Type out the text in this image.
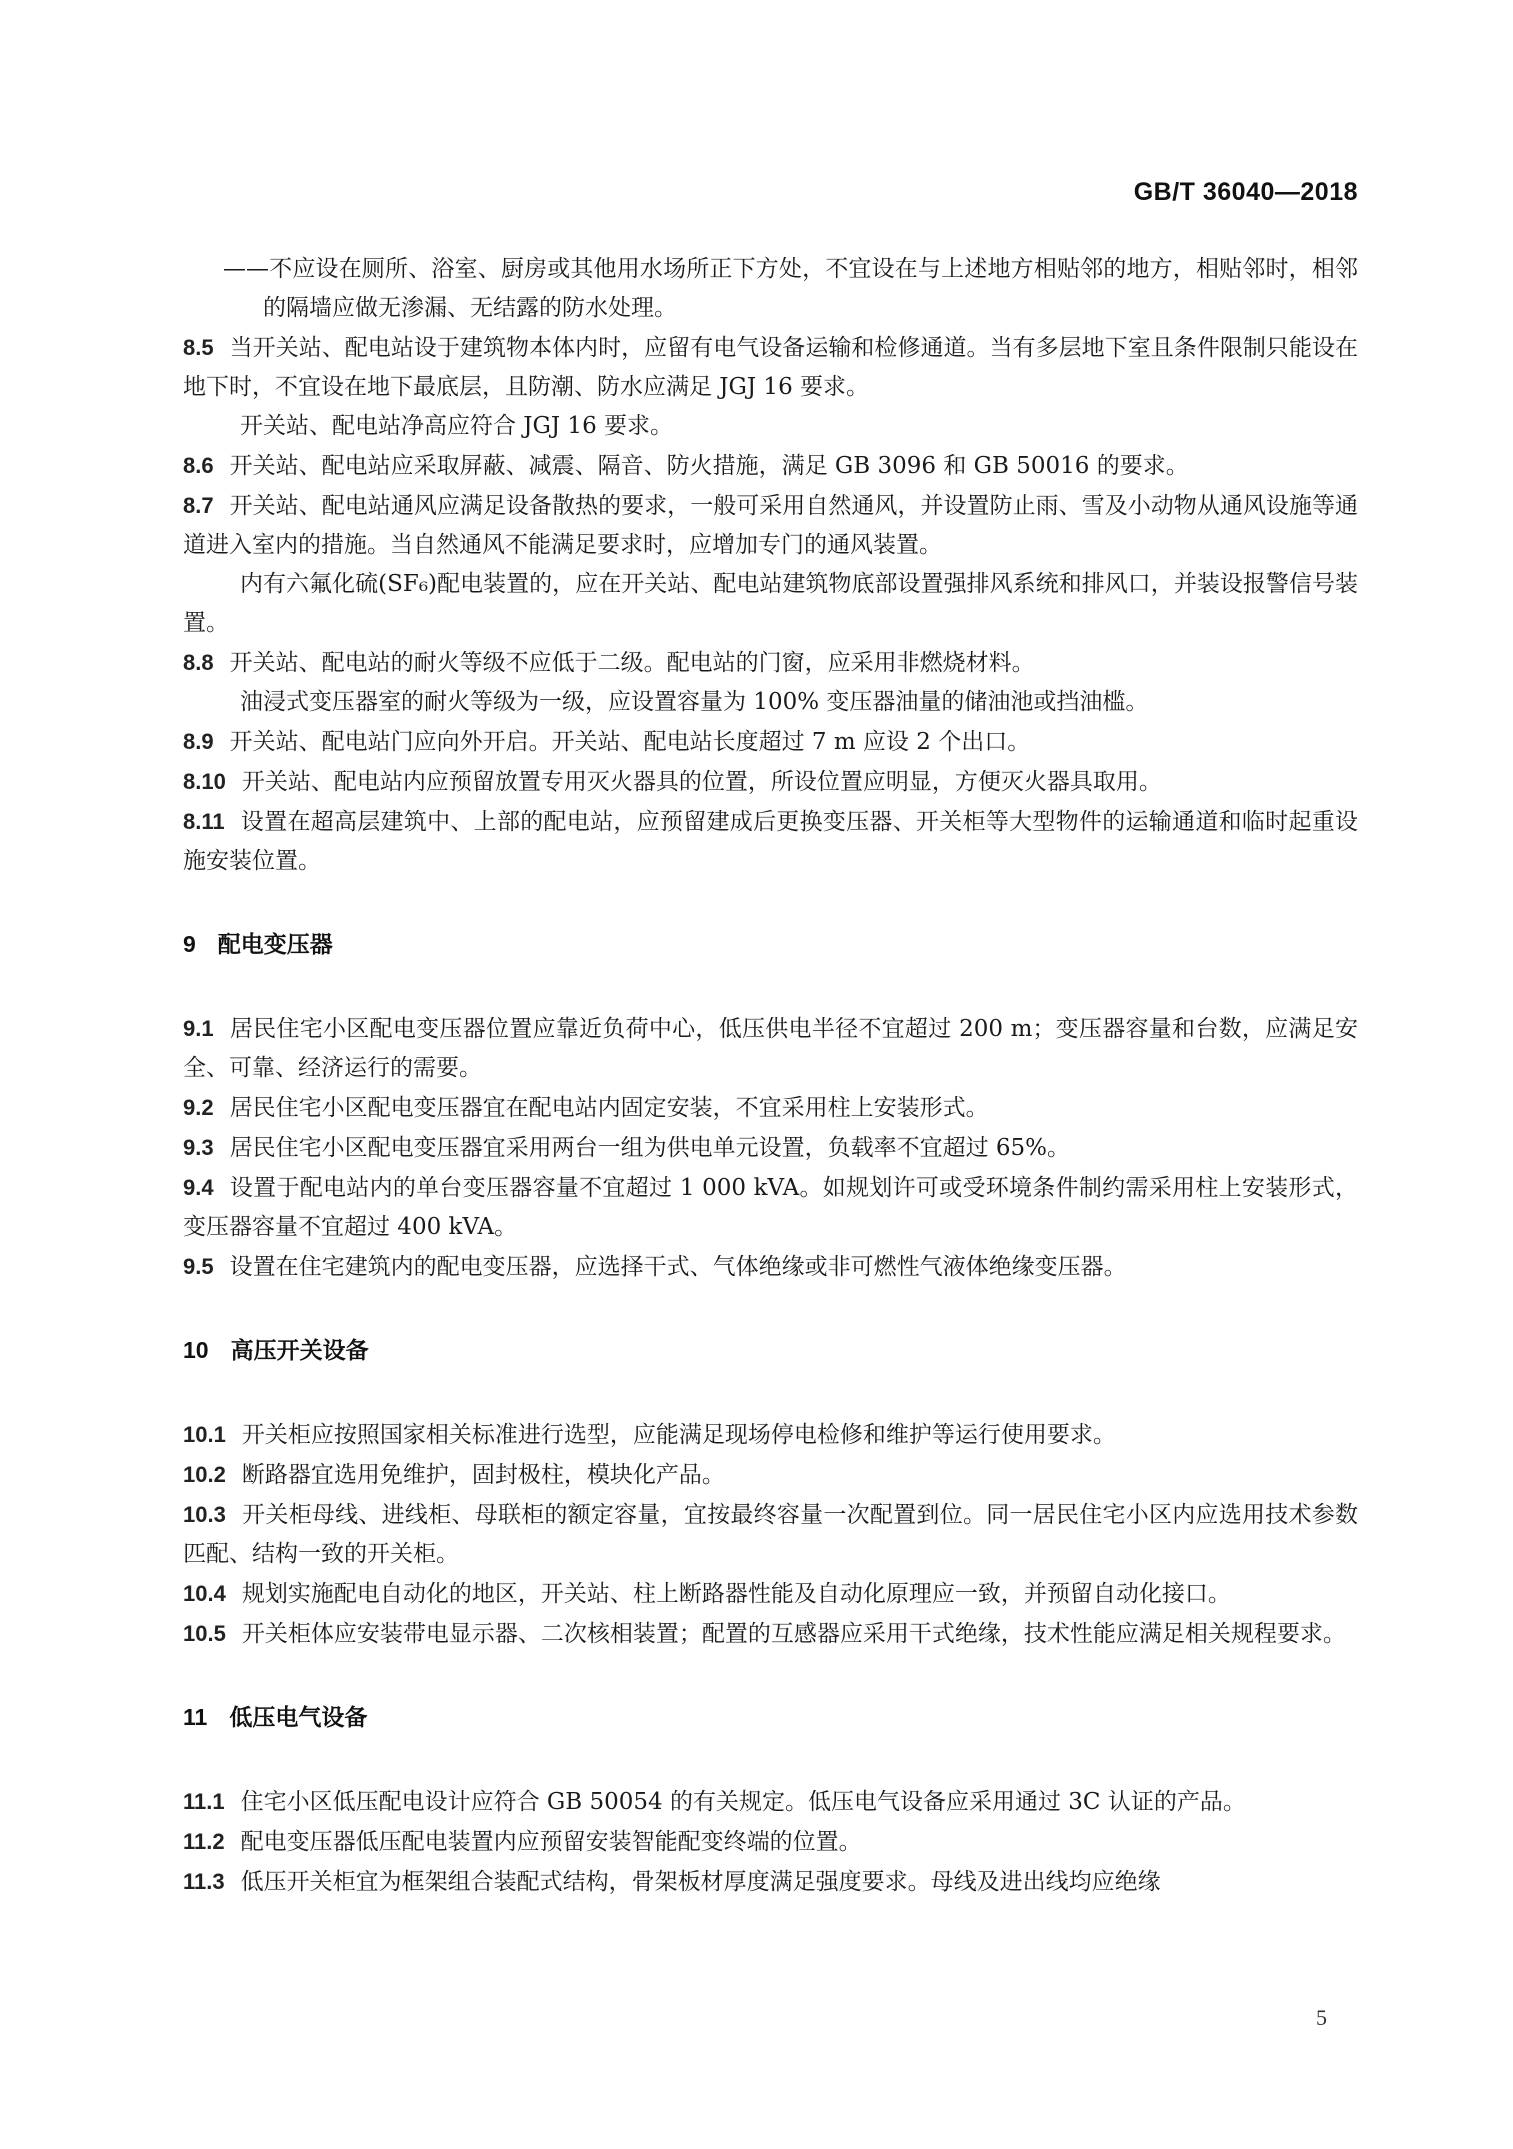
GB/T 36040—2018

——不应设在厕所、浴室、厨房或其他用水场所正下方处，不宜设在与上述地方相贴邻的地方，相贴邻时，相邻的隔墙应做无渗漏、无结露的防水处理。

8.5 当开关站、配电站设于建筑物本体内时，应留有电气设备运输和检修通道。当有多层地下室且条件限制只能设在地下时，不宜设在地下最底层，且防潮、防水应满足 JGJ 16 要求。

开关站、配电站净高应符合 JGJ 16 要求。

8.6 开关站、配电站应采取屏蔽、减震、隔音、防火措施，满足 GB 3096 和 GB 50016 的要求。

8.7 开关站、配电站通风应满足设备散热的要求，一般可采用自然通风，并设置防止雨、雪及小动物从通风设施等通道进入室内的措施。当自然通风不能满足要求时，应增加专门的通风装置。

内有六氟化硫(SF₆)配电装置的，应在开关站、配电站建筑物底部设置强排风系统和排风口，并装设报警信号装置。

8.8 开关站、配电站的耐火等级不应低于二级。配电站的门窗，应采用非燃烧材料。

油浸式变压器室的耐火等级为一级，应设置容量为 100% 变压器油量的储油池或挡油槛。

8.9 开关站、配电站门应向外开启。开关站、配电站长度超过 7 m 应设 2 个出口。

8.10 开关站、配电站内应预留放置专用灭火器具的位置，所设位置应明显，方便灭火器具取用。

8.11 设置在超高层建筑中、上部的配电站，应预留建成后更换变压器、开关柜等大型物件的运输通道和临时起重设施安装位置。

9 配电变压器

9.1 居民住宅小区配电变压器位置应靠近负荷中心，低压供电半径不宜超过 200 m；变压器容量和台数，应满足安全、可靠、经济运行的需要。

9.2 居民住宅小区配电变压器宜在配电站内固定安装，不宜采用柱上安装形式。

9.3 居民住宅小区配电变压器宜采用两台一组为供电单元设置，负载率不宜超过 65%。

9.4 设置于配电站内的单台变压器容量不宜超过 1 000 kVA。如规划许可或受环境条件制约需采用柱上安装形式，变压器容量不宜超过 400 kVA。

9.5 设置在住宅建筑内的配电变压器，应选择干式、气体绝缘或非可燃性气液体绝缘变压器。

10 高压开关设备

10.1 开关柜应按照国家相关标准进行选型，应能满足现场停电检修和维护等运行使用要求。

10.2 断路器宜选用免维护，固封极柱，模块化产品。

10.3 开关柜母线、进线柜、母联柜的额定容量，宜按最终容量一次配置到位。同一居民住宅小区内应选用技术参数匹配、结构一致的开关柜。

10.4 规划实施配电自动化的地区，开关站、柱上断路器性能及自动化原理应一致，并预留自动化接口。

10.5 开关柜体应安装带电显示器、二次核相装置；配置的互感器应采用干式绝缘，技术性能应满足相关规程要求。

11 低压电气设备

11.1 住宅小区低压配电设计应符合 GB 50054 的有关规定。低压电气设备应采用通过 3C 认证的产品。

11.2 配电变压器低压配电装置内应预留安装智能配变终端的位置。

11.3 低压开关柜宜为框架组合装配式结构，骨架板材厚度满足强度要求。母线及进出线均应绝缘

5
